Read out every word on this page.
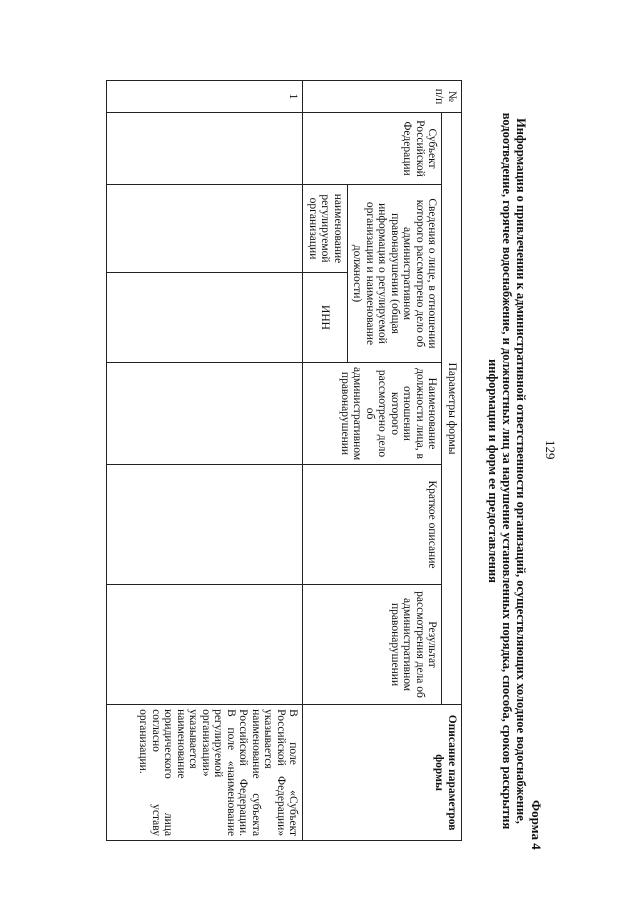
129
Форма 4
Информация о привлечении к административной ответственности организаций, осуществляющих холодное водоснабжение, водоотведение, горячее водоснабжение, и должностных лиц за нарушение установленных порядка, способа, сроков раскрытия информации и форм ее предоставления
№ п/п	Параметры формы						Описание параметров формы
	Субъект Российской Федерации	Сведения о лице, в отношении которого рассмотрено дело об административном правонарушении (общая информация о регулируемой организации и наименование должности)		Наименование должности лица, в отношении которого рассмотрено дело об административном правонарушении	Краткое описание	Результат рассмотрения дела об административном правонарушении	
		наименование регулируемой организации	ИНН				
1							В поле «Субъект Российской Федерации» указывается наименование субъекта Российской Федерации. В поле «наименование регулируемой организации» указывается наименование юридического лица согласно уставу организации.
